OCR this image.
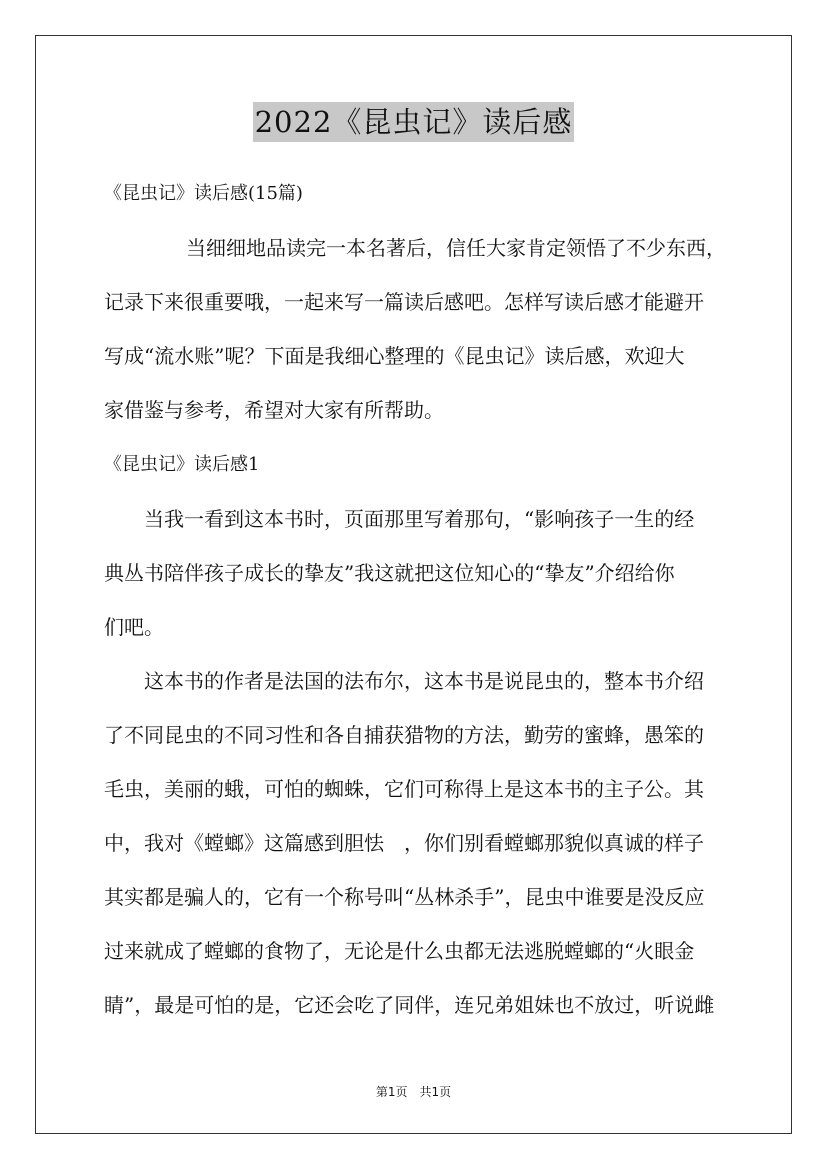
2022《昆虫记》读后感
《昆虫记》读后感(15篇)
当细细地品读完一本名著后，信任大家肯定领悟了不少东西，
记录下来很重要哦，一起来写一篇读后感吧。怎样写读后感才能避开
写成“流水账”呢？下面是我细心整理的《昆虫记》读后感，欢迎大
家借鉴与参考，希望对大家有所帮助。
《昆虫记》读后感1
当我一看到这本书时，页面那里写着那句，“影响孩子一生的经
典丛书陪伴孩子成长的挚友”我这就把这位知心的“挚友”介绍给你
们吧。
这本书的作者是法国的法布尔，这本书是说昆虫的，整本书介绍
了不同昆虫的不同习性和各自捕获猎物的方法，勤劳的蜜蜂，愚笨的
毛虫，美丽的蛾，可怕的蜘蛛，它们可称得上是这本书的主子公。其
中，我对《螳螂》这篇感到胆怯　，你们别看螳螂那貌似真诚的样子
其实都是骗人的，它有一个称号叫“丛林杀手”，昆虫中谁要是没反应
过来就成了螳螂的食物了，无论是什么虫都无法逃脱螳螂的“火眼金
睛”，最是可怕的是，它还会吃了同伴，连兄弟姐妹也不放过，听说雌
第1页　共1页
